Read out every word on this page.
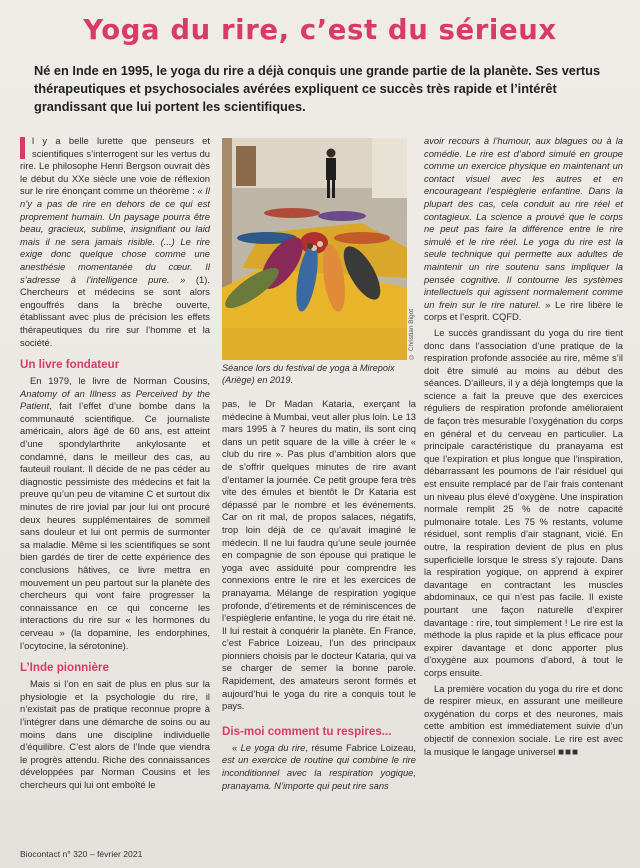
Yoga du rire, c’est du sérieux

Né en Inde en 1995, le yoga du rire a déjà conquis une grande partie de la planète. Ses vertus thérapeutiques et psychosociales avérées expliquent ce succès très rapide et l’intérêt grandissant que lui portent les scientifiques.

© Christian Bigot

Séance lors du festival de yoga à Mirepoix (Ariège) en 2019.

l y a belle lurette que penseurs et scientifiques s’interrogent sur les vertus du rire. Le philosophe Henri Bergson ouvrait dès le début du XXe siècle une voie de réflexion sur le rire énonçant comme un théorème : « Il n’y a pas de rire en dehors de ce qui est proprement humain. Un paysage pourra être beau, gracieux, sublime, insignifiant ou laid mais il ne sera jamais risible. (...) Le rire exige donc quelque chose comme une anesthésie momentanée du cœur. Il s’adresse à l’intelligence pure. » (1). Chercheurs et médecins se sont alors engouffrés dans la brèche ouverte, établissant avec plus de précision les effets thérapeutiques du rire sur l’homme et la société.

Un livre fondateur

En 1979, le livre de Norman Cousins, Anatomy of an Illness as Perceived by the Patient, fait l’effet d’une bombe dans la communauté scientifique. Ce journaliste américain, alors âgé de 60 ans, est atteint d’une spondylarthrite ankylosante et condamné, dans le meilleur des cas, au fauteuil roulant. Il décide de ne pas céder au diagnostic pessimiste des médecins et fait la preuve qu’un peu de vitamine C et surtout dix minutes de rire jovial par jour lui ont procuré deux heures supplémentaires de sommeil sans douleur et lui ont permis de surmonter sa maladie. Même si les scientifiques se sont bien gardés de tirer de cette expérience des conclusions hâtives, ce livre mettra en mouvement un peu partout sur la planète des chercheurs qui vont faire progresser la connaissance en ce qui concerne les interactions du rire sur « les hormones du cerveau » (la dopamine, les endorphines, l’ocytocine, la sérotonine).

L’Inde pionnière

Mais si l’on en sait de plus en plus sur la physiologie et la psychologie du rire, il n’existait pas de pratique reconnue propre à l’intégrer dans une démarche de soins ou au moins dans une discipline individuelle d’équilibre. C’est alors de l’Inde que viendra le progrès attendu. Riche des connaissances développées par Norman Cousins et les chercheurs qui lui ont emboîté le

pas, le Dr Madan Kataria, exerçant la médecine à Mumbai, veut aller plus loin. Le 13 mars 1995 à 7 heures du matin, ils sont cinq dans un petit square de la ville à créer le « club du rire ». Pas plus d’ambition alors que de s’offrir quelques minutes de rire avant d’entamer la journée. Ce petit groupe fera très vite des émules et bientôt le Dr Kataria est dépassé par le nombre et les événements. Car on rit mal, de propos salaces, négatifs, trop loin déjà de ce qu’avait imaginé le médecin. Il ne lui faudra qu’une seule journée en compagnie de son épouse qui pratique le yoga avec assiduité pour comprendre les connexions entre le rire et les exercices de pranayama. Mélange de respiration yogique profonde, d’étirements et de réminiscences de l’espièglerie enfantine, le yoga du rire était né. Il lui restait à conquérir la planète. En France, c’est Fabrice Loizeau, l’un des principaux pionniers choisis par le docteur Kataria, qui va se charger de semer la bonne parole. Rapidement, des amateurs seront formés et aujourd’hui le yoga du rire a conquis tout le pays.

Dis-moi comment tu respires...

« Le yoga du rire, résume Fabrice Loizeau, est un exercice de routine qui combine le rire inconditionnel avec la respiration yogique, pranayama. N’importe qui peut rire sans

avoir recours à l’humour, aux blagues ou à la comédie. Le rire est d’abord simulé en groupe comme un exercice physique en maintenant un contact visuel avec les autres et en encourageant l’espièglerie enfantine. Dans la plupart des cas, cela conduit au rire réel et contagieux. La science a prouvé que le corps ne peut pas faire la différence entre le rire simulé et le rire réel. Le yoga du rire est la seule technique qui permette aux adultes de maintenir un rire soutenu sans impliquer la pensée cognitive. Il contourne les systèmes intellectuels qui agissent normalement comme un frein sur le rire naturel. » Le rire libère le corps et l’esprit. CQFD.

Le succès grandissant du yoga du rire tient donc dans l’association d’une pratique de la respiration profonde associée au rire, même s’il doit être simulé au moins au début des séances. D’ailleurs, il y a déjà longtemps que la science a fait la preuve que des exercices réguliers de respiration profonde amélioraient de façon très mesurable l’oxygénation du corps en général et du cerveau en particulier. La principale caractéristique du pranayama est que l’expiration et plus longue que l’inspiration, débarrassant les poumons de l’air résiduel qui est ensuite remplacé par de l’air frais contenant un niveau plus élevé d’oxygène. Une inspiration normale remplit 25 % de notre capacité pulmonaire totale. Les 75 % restants, volume résiduel, sont remplis d’air stagnant, vicié. En outre, la respiration devient de plus en plus superficielle lorsque le stress s’y rajoute. Dans la respiration yogique, on apprend à expirer davantage en contractant les muscles abdominaux, ce qui n’est pas facile. Il existe pourtant une façon naturelle d’expirer davantage : rire, tout simplement ! Le rire est la méthode la plus rapide et la plus efficace pour expirer davantage et donc apporter plus d’oxygène aux poumons d’abord, à tout le corps ensuite.

La première vocation du yoga du rire et donc de respirer mieux, en assurant une meilleure oxygénation du corps et des neurones, mais cette ambition est immédiatement suivie d’un objectif de connexion sociale. Le rire est avec la musique le langage universel ■■■

Biocontact n° 320 – février 2021
